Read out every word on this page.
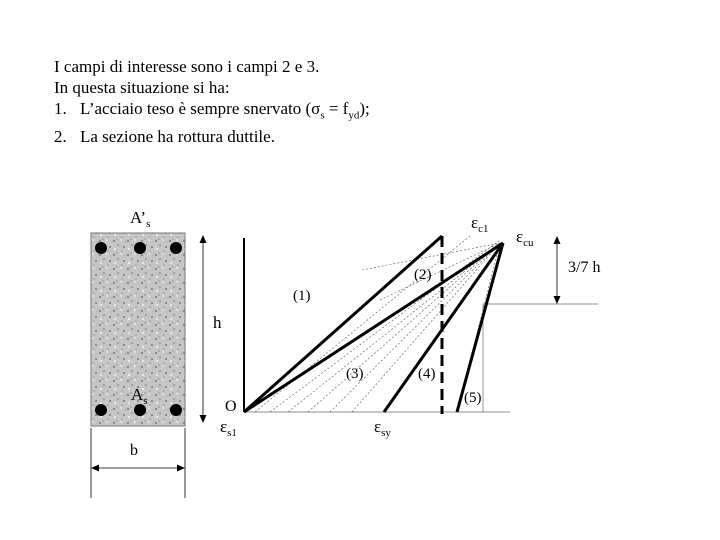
I campi di interesse sono i campi 2 e 3.
In questa situazione si ha:
1. L’acciaio teso è sempre snervato $(\sigma_s = f_{yd})$;
2. La sezione ha rottura duttile.
$A’_s$
$A_s$
b
h
3/7 h
$\varepsilon_{c1}$ $\varepsilon_{cu}$
$\varepsilon_{s1}$	$\varepsilon_{sy}$
O
(1)
(2)
(3)	(4)
(5)
